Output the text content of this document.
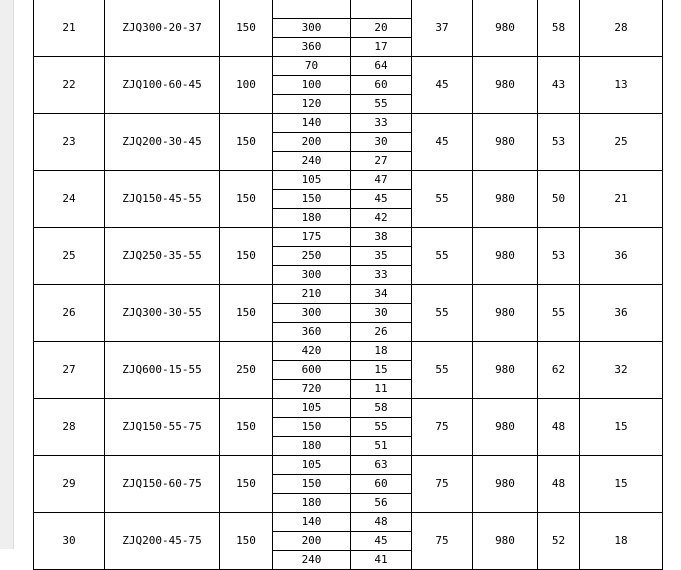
21	ZJQ300-20-37	150			37	980	58	28
			300	20				
			360	17				
22	ZJQ100-60-45	100	70	64	45	980	43	13
			100	60				
			120	55				
23	ZJQ200-30-45	150	140	33	45	980	53	25
			200	30				
			240	27				
24	ZJQ150-45-55	150	105	47	55	980	50	21
			150	45				
			180	42				
25	ZJQ250-35-55	150	175	38	55	980	53	36
			250	35				
			300	33				
26	ZJQ300-30-55	150	210	34	55	980	55	36
			300	30				
			360	26				
27	ZJQ600-15-55	250	420	18	55	980	62	32
			600	15				
			720	11				
28	ZJQ150-55-75	150	105	58	75	980	48	15
			150	55				
			180	51				
29	ZJQ150-60-75	150	105	63	75	980	48	15
			150	60				
			180	56				
30	ZJQ200-45-75	150	140	48	75	980	52	18
			200	45				
			240	41				
